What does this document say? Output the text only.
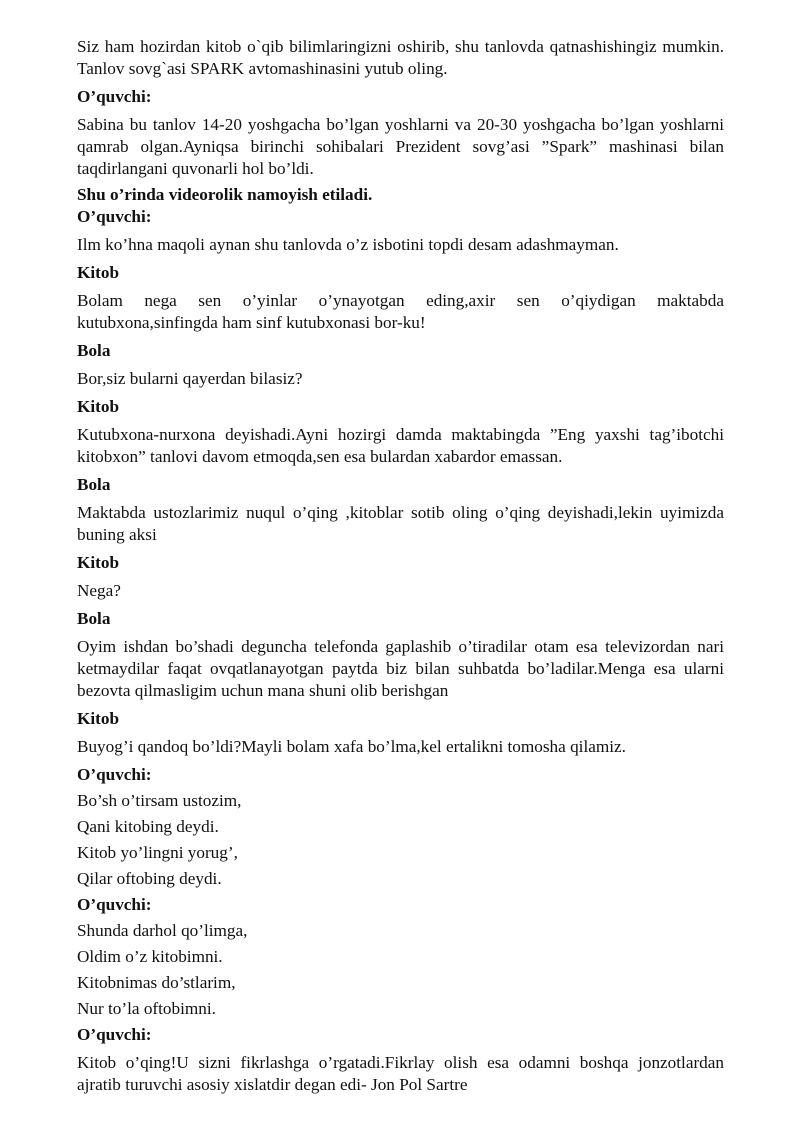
Siz ham hozirdan kitob o`qib bilimlaringizni oshirib, shu tanlovda qatnashishingiz mumkin. Tanlov sovg`asi SPARK avtomashinasini yutub oling.

O’quvchi:

Sabina bu tanlov 14-20 yoshgacha bo’lgan yoshlarni va 20-30 yoshgacha bo’lgan yoshlarni qamrab olgan.Ayniqsa birinchi sohibalari Prezident sovg’asi ”Spark” mashinasi bilan taqdirlangani quvonarli hol bo’ldi.

Shu o’rinda videorolik namoyish etiladi.

O’quvchi:

Ilm ko’hna maqoli aynan shu tanlovda o’z isbotini topdi desam adashmayman.

Kitob

Bolam nega sen o’yinlar o’ynayotgan eding,axir sen o’qiydigan maktabda kutubxona,sinfingda ham sinf kutubxonasi bor-ku!

Bola

Bor,siz bularni qayerdan bilasiz?

Kitob

Kutubxona-nurxona deyishadi.Ayni hozirgi damda maktabingda ”Eng yaxshi tag’ibotchi kitobxon” tanlovi davom etmoqda,sen esa bulardan xabardor emassan.

Bola

Maktabda ustozlarimiz nuqul o’qing ,kitoblar sotib oling o’qing deyishadi,lekin uyimizda buning aksi

Kitob

Nega?

Bola

Oyim ishdan bo’shadi deguncha telefonda gaplashib o’tiradilar otam esa televizordan nari ketmaydilar faqat ovqatlanayotgan paytda biz bilan suhbatda bo’ladilar.Menga esa ularni bezovta qilmasligim uchun mana shuni olib berishgan

Kitob

Buyog’i qandoq bo’ldi?Mayli bolam xafa bo’lma,kel ertalikni tomosha qilamiz.

O’quvchi:

Bo’sh o’tirsam ustozim,

Qani kitobing deydi.

Kitob yo’lingni yorug’,

Qilar oftobing deydi.

O’quvchi:

Shunda darhol qo’limga,

Oldim o’z kitobimni.

Kitobnimas do’stlarim,

Nur to’la oftobimni.

O’quvchi:

Kitob o’qing!U sizni fikrlashga o’rgatadi.Fikrlay olish esa odamni boshqa jonzotlardan ajratib turuvchi asosiy xislatdir degan edi- Jon Pol Sartre
